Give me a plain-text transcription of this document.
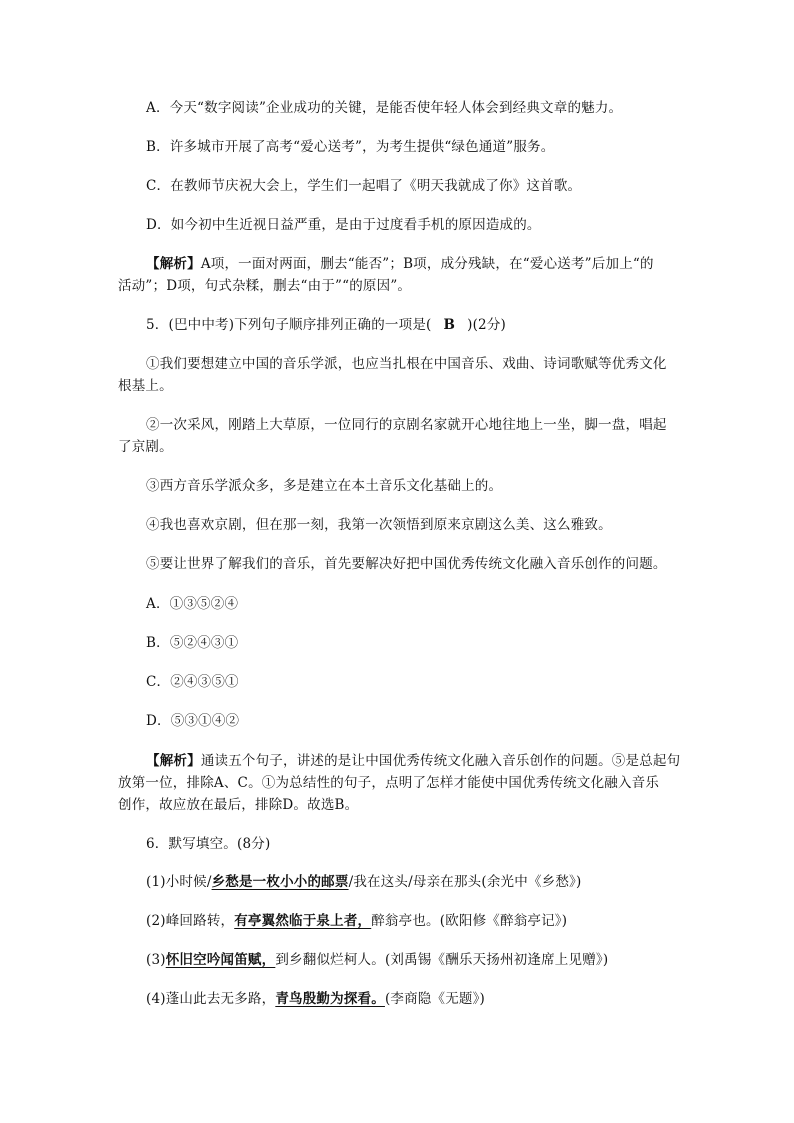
A．今天“数字阅读”企业成功的关键，是能否使年轻人体会到经典文章的魅力。
B．许多城市开展了高考“爱心送考”，为考生提供“绿色通道”服务。
C．在教师节庆祝大会上，学生们一起唱了《明天我就成了你》这首歌。
D．如今初中生近视日益严重，是由于过度看手机的原因造成的。
【解析】A项，一面对两面，删去“能否”；B项，成分残缺，在“爱心送考”后加上“的
活动”；D项，句式杂糅，删去“由于”“的原因”。
5．(巴中中考)下列句子顺序排列正确的一项是( B )(2分)
①我们要想建立中国的音乐学派，也应当扎根在中国音乐、戏曲、诗词歌赋等优秀文化
根基上。
②一次采风，刚踏上大草原，一位同行的京剧名家就开心地往地上一坐，脚一盘，唱起
了京剧。
③西方音乐学派众多，多是建立在本土音乐文化基础上的。
④我也喜欢京剧，但在那一刻，我第一次领悟到原来京剧这么美、这么雅致。
⑤要让世界了解我们的音乐，首先要解决好把中国优秀传统文化融入音乐创作的问题。
A．①③⑤②④
B．⑤②④③①
C．②④③⑤①
D．⑤③①④②
【解析】通读五个句子，讲述的是让中国优秀传统文化融入音乐创作的问题。⑤是总起句
放第一位，排除A、C。①为总结性的句子，点明了怎样才能使中国优秀传统文化融入音乐
创作，故应放在最后，排除D。故选B。
6．默写填空。(8分)
(1)小时候/乡愁是一枚小小的邮票/我在这头/母亲在那头(余光中《乡愁》)
(2)峰回路转，有亭翼然临于泉上者，醉翁亭也。(欧阳修《醉翁亭记》)
(3)怀旧空吟闻笛赋，到乡翻似烂柯人。(刘禹锡《酬乐天扬州初逢席上见赠》)
(4)蓬山此去无多路，青鸟殷勤为探看。(李商隐《无题》)
